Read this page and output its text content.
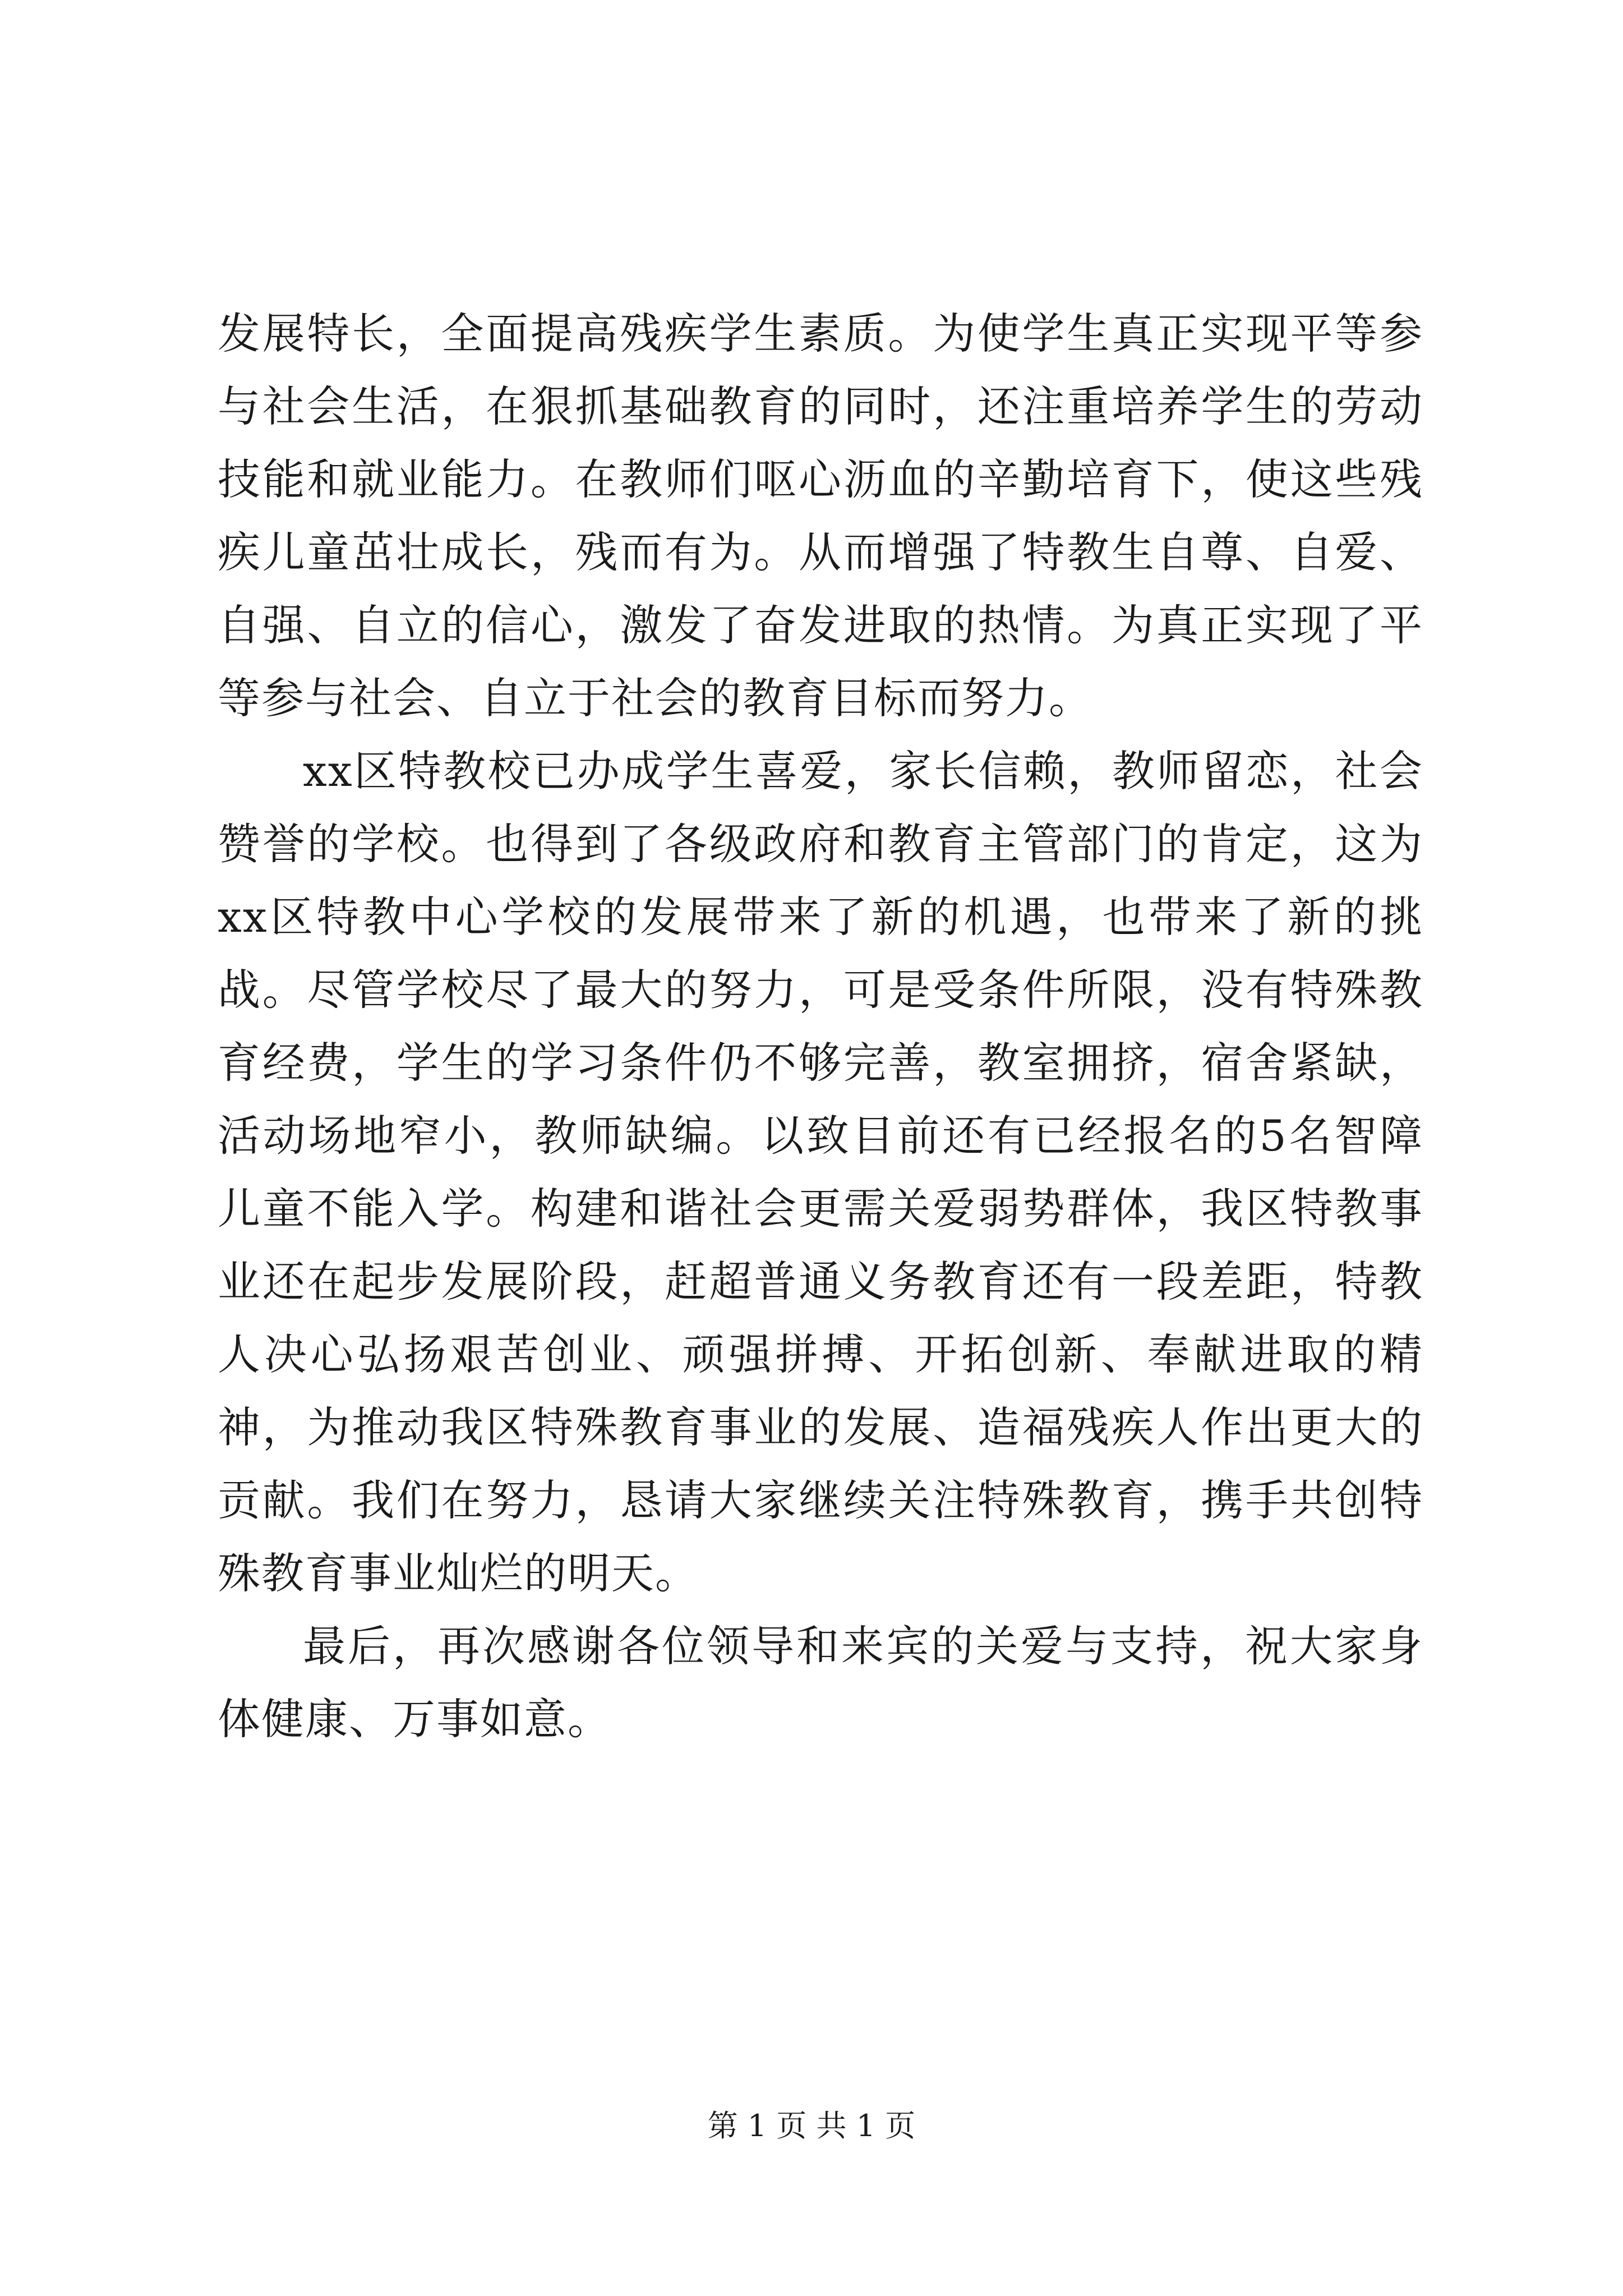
发展特长，全面提高残疾学生素质。为使学生真正实现平等参与社会生活，在狠抓基础教育的同时，还注重培养学生的劳动技能和就业能力。在教师们呕心沥血的辛勤培育下，使这些残疾儿童茁壮成长，残而有为。从而增强了特教生自尊、自爱、自强、自立的信心，激发了奋发进取的热情。为真正实现了平等参与社会、自立于社会的教育目标而努力。

xx区特教校已办成学生喜爱，家长信赖，教师留恋，社会赞誉的学校。也得到了各级政府和教育主管部门的肯定，这为xx区特教中心学校的发展带来了新的机遇，也带来了新的挑战。尽管学校尽了最大的努力，可是受条件所限，没有特殊教育经费，学生的学习条件仍不够完善，教室拥挤，宿舍紧缺，活动场地窄小，教师缺编。以致目前还有已经报名的5名智障儿童不能入学。构建和谐社会更需关爱弱势群体，我区特教事业还在起步发展阶段，赶超普通义务教育还有一段差距，特教人决心弘扬艰苦创业、顽强拼搏、开拓创新、奉献进取的精神，为推动我区特殊教育事业的发展、造福残疾人作出更大的贡献。我们在努力，恳请大家继续关注特殊教育，携手共创特殊教育事业灿烂的明天。

最后，再次感谢各位领导和来宾的关爱与支持，祝大家身体健康、万事如意。

第 1 页 共 1 页
